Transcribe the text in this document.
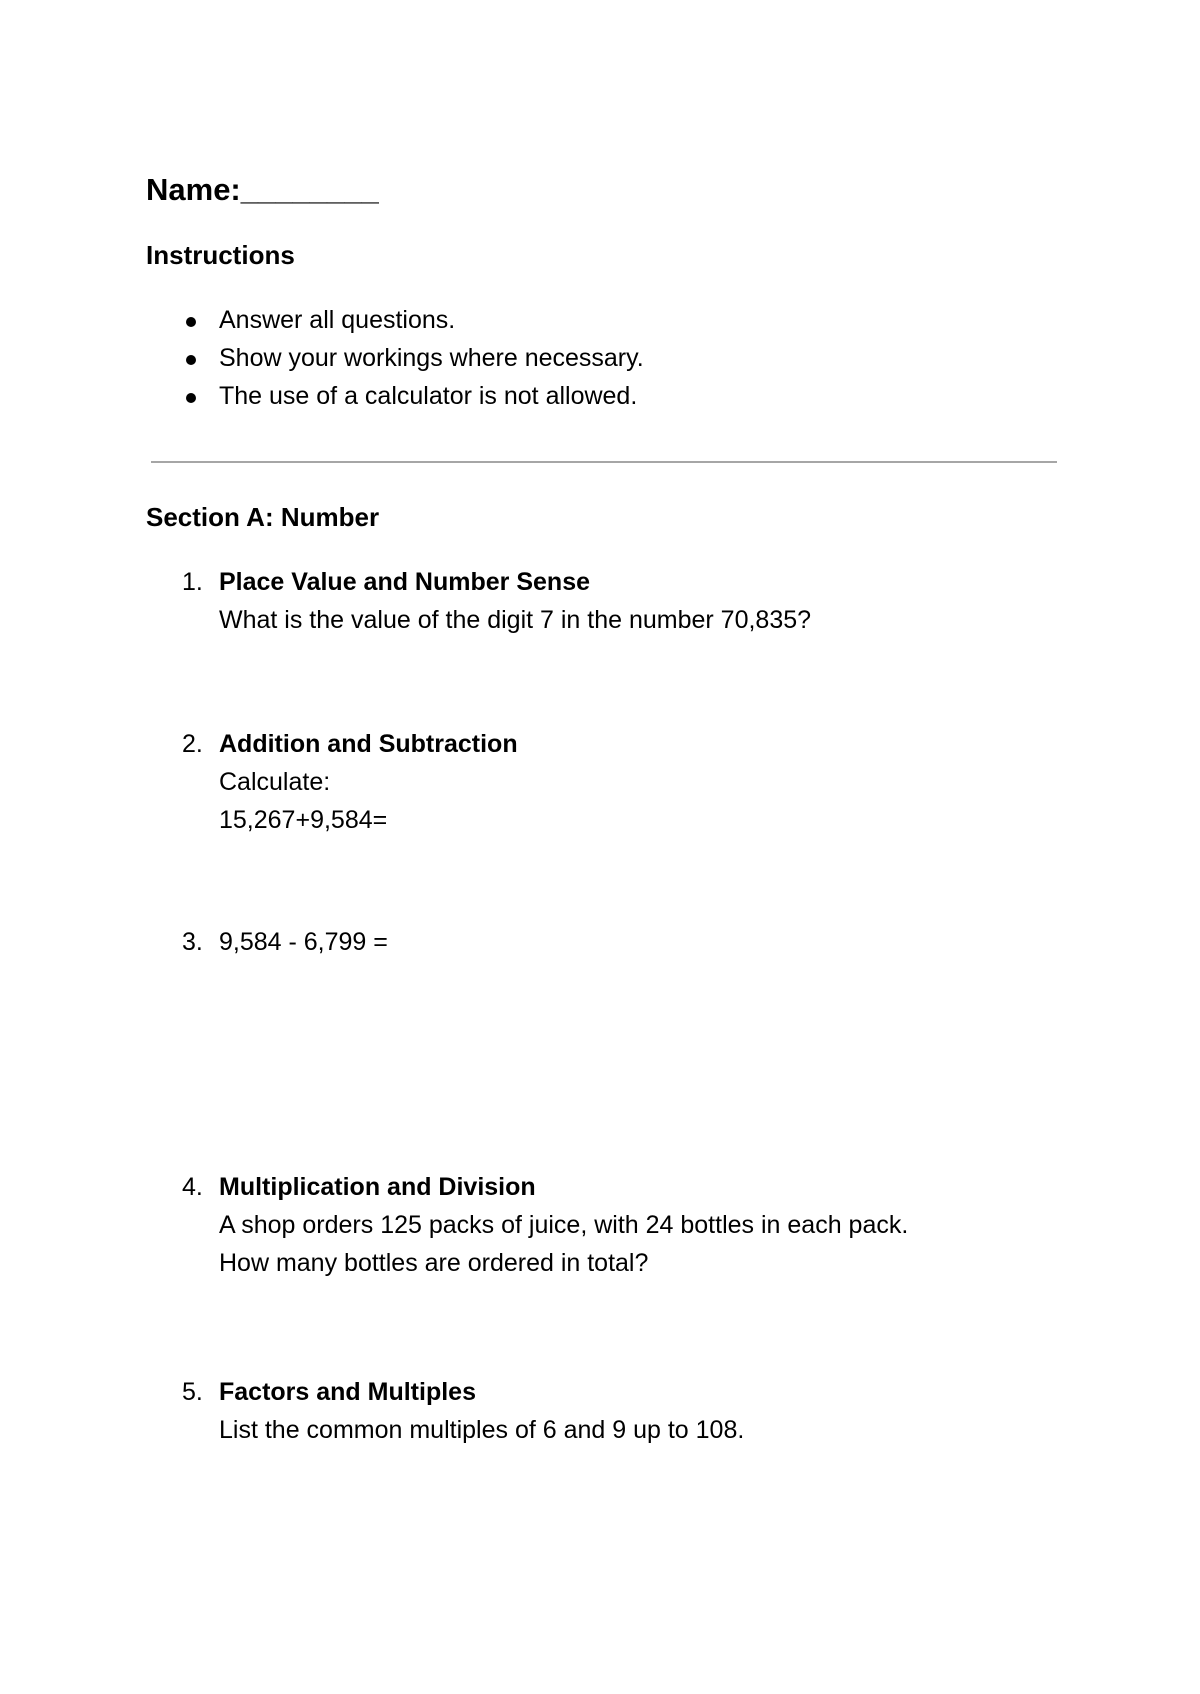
Name:________
Instructions
Answer all questions.
Show your workings where necessary.
The use of a calculator is not allowed.
Section A: Number
1. Place Value and Number Sense
What is the value of the digit 7 in the number 70,835?
2. Addition and Subtraction
Calculate:
15,267+9,584=
3. 9,584 - 6,799 =
4. Multiplication and Division
A shop orders 125 packs of juice, with 24 bottles in each pack.
How many bottles are ordered in total?
5. Factors and Multiples
List the common multiples of 6 and 9 up to 108.
